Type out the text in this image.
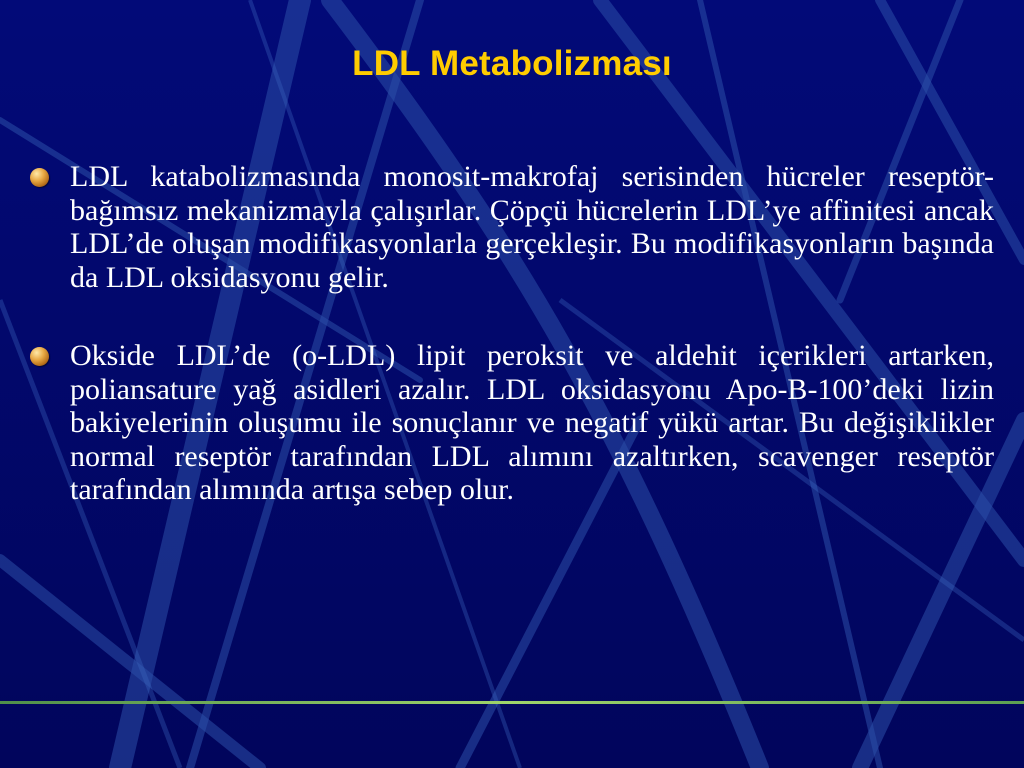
LDL Metabolizması
LDL katabolizmasında monosit-makrofaj serisinden hücreler reseptör-bağımsız mekanizmayla çalışırlar. Çöpçü hücrelerin LDL’ye affinitesi ancak LDL’de oluşan modifikasyonlarla gerçekleşir. Bu modifikasyonların başında da LDL oksidasyonu gelir.
Okside LDL’de (o-LDL) lipit peroksit ve aldehit içerikleri artarken, poliansature yağ asidleri azalır. LDL oksidasyonu Apo-B-100’deki lizin bakiyelerinin oluşumu ile sonuçlanır ve negatif yükü artar. Bu değişiklikler normal reseptör tarafından LDL alımını azaltırken, scavenger reseptör tarafından alımında artışa sebep olur.
